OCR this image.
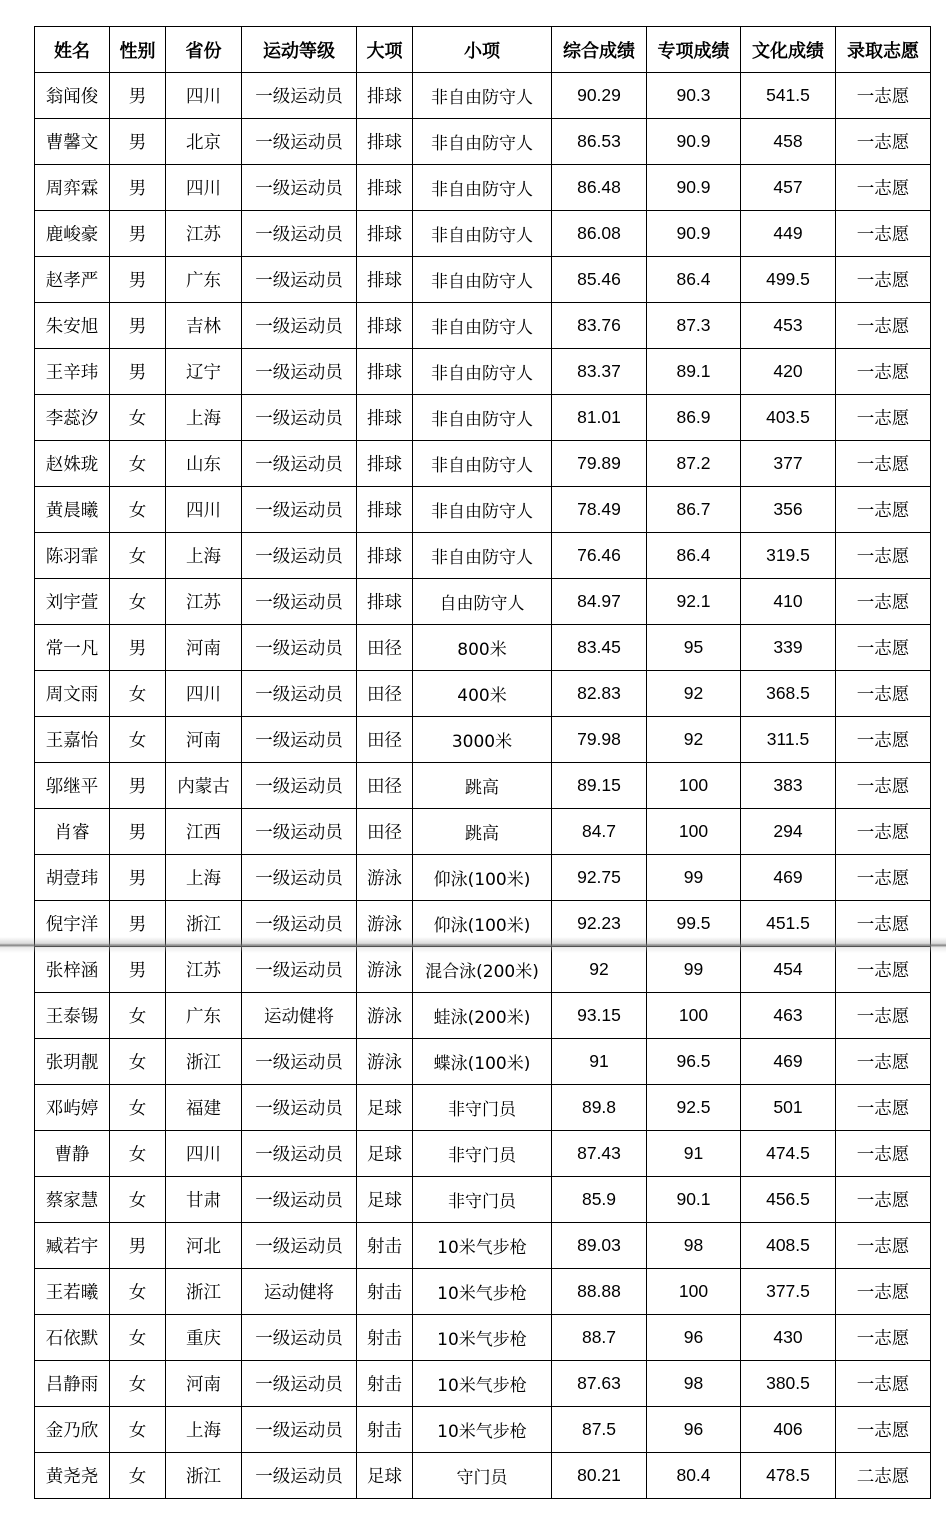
姓名	性别	省份	运动等级	大项	小项	综合成绩	专项成绩	文化成绩	录取志愿
翁闻俊	男	四川	一级运动员	排球	非自由防守人	90.29	90.3	541.5	一志愿
曹馨文	男	北京	一级运动员	排球	非自由防守人	86.53	90.9	458	一志愿
周弈霖	男	四川	一级运动员	排球	非自由防守人	86.48	90.9	457	一志愿
鹿峻豪	男	江苏	一级运动员	排球	非自由防守人	86.08	90.9	449	一志愿
赵孝严	男	广东	一级运动员	排球	非自由防守人	85.46	86.4	499.5	一志愿
朱安旭	男	吉林	一级运动员	排球	非自由防守人	83.76	87.3	453	一志愿
王辛玮	男	辽宁	一级运动员	排球	非自由防守人	83.37	89.1	420	一志愿
李蕊汐	女	上海	一级运动员	排球	非自由防守人	81.01	86.9	403.5	一志愿
赵姝珑	女	山东	一级运动员	排球	非自由防守人	79.89	87.2	377	一志愿
黄晨曦	女	四川	一级运动员	排球	非自由防守人	78.49	86.7	356	一志愿
陈羽霏	女	上海	一级运动员	排球	非自由防守人	76.46	86.4	319.5	一志愿
刘宇萱	女	江苏	一级运动员	排球	自由防守人	84.97	92.1	410	一志愿
常一凡	男	河南	一级运动员	田径	800米	83.45	95	339	一志愿
周文雨	女	四川	一级运动员	田径	400米	82.83	92	368.5	一志愿
王嘉怡	女	河南	一级运动员	田径	3000米	79.98	92	311.5	一志愿
邬继平	男	内蒙古	一级运动员	田径	跳高	89.15	100	383	一志愿
肖睿	男	江西	一级运动员	田径	跳高	84.7	100	294	一志愿
胡壹玮	男	上海	一级运动员	游泳	仰泳(100米)	92.75	99	469	一志愿
倪宇洋	男	浙江	一级运动员	游泳	仰泳(100米)	92.23	99.5	451.5	一志愿
张梓涵	男	江苏	一级运动员	游泳	混合泳(200米)	92	99	454	一志愿
王泰锡	女	广东	运动健将	游泳	蛙泳(200米)	93.15	100	463	一志愿
张玥靓	女	浙江	一级运动员	游泳	蝶泳(100米)	91	96.5	469	一志愿
邓屿婷	女	福建	一级运动员	足球	非守门员	89.8	92.5	501	一志愿
曹静	女	四川	一级运动员	足球	非守门员	87.43	91	474.5	一志愿
蔡家慧	女	甘肃	一级运动员	足球	非守门员	85.9	90.1	456.5	一志愿
臧若宇	男	河北	一级运动员	射击	10米气步枪	89.03	98	408.5	一志愿
王若曦	女	浙江	运动健将	射击	10米气步枪	88.88	100	377.5	一志愿
石依默	女	重庆	一级运动员	射击	10米气步枪	88.7	96	430	一志愿
吕静雨	女	河南	一级运动员	射击	10米气步枪	87.63	98	380.5	一志愿
金乃欣	女	上海	一级运动员	射击	10米气步枪	87.5	96	406	一志愿
黄尧尧	女	浙江	一级运动员	足球	守门员	80.21	80.4	478.5	二志愿
